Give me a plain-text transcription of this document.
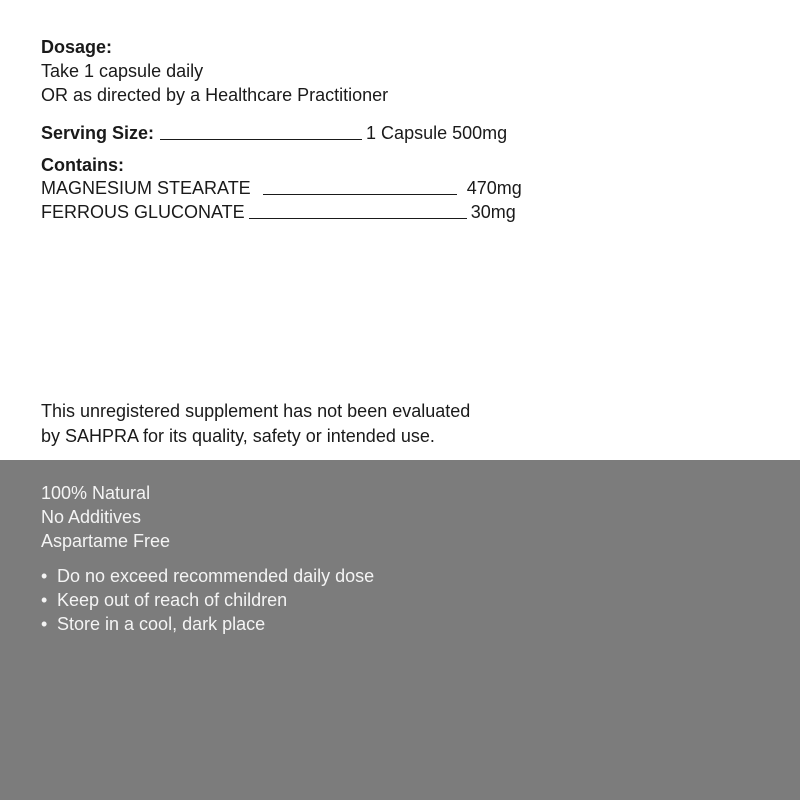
Dosage:
Take 1 capsule daily
OR as directed by a Healthcare Practitioner
Serving Size:	1 Capsule 500mg
Contains:
MAGNESIUM STEARATE	470mg
FERROUS GLUCONATE	30mg
This unregistered supplement has not been evaluated
by SAHPRA for its quality, safety or intended use.
100% Natural
No Additives
Aspartame Free
• Do no exceed recommended daily dose
• Keep out of reach of children
• Store in a cool, dark place
